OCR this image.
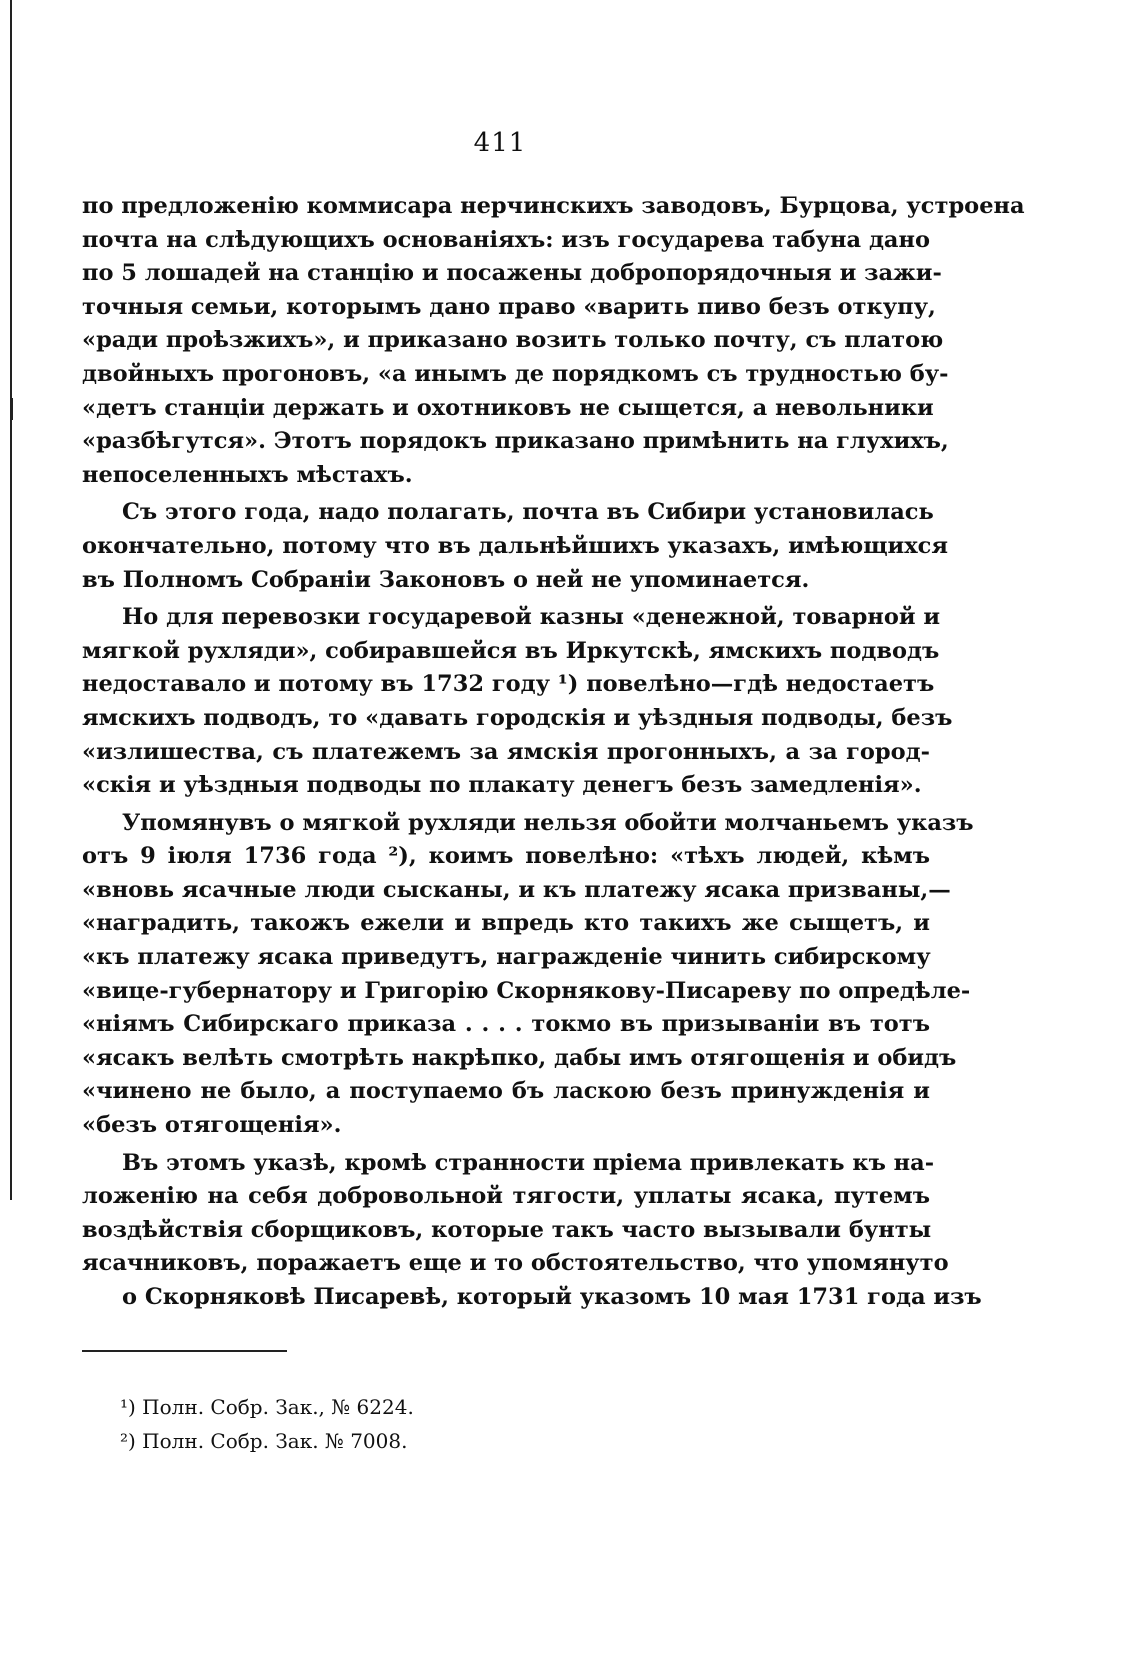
411
по предложенію коммисара нерчинскихъ заводовъ, Бурцова, устроена
почта на слѣдующихъ основаніяхъ: изъ государева табуна дано
по 5 лошадей на станцію и посажены добропорядочныя и зажи-
точныя семьи, которымъ дано право «варить пиво безъ откупу,
«ради проѣзжихъ», и приказано возить только почту, съ платою
двойныхъ прогоновъ, «а инымъ де порядкомъ съ трудностью бу-
«детъ станціи держать и охотниковъ не сыщется, а невольники
«разбѣгутся». Этотъ порядокъ приказано примѣнить на глухихъ,
непоселенныхъ мѣстахъ.
Съ этого года, надо полагать, почта въ Сибири установилась
окончательно, потому что въ дальнѣйшихъ указахъ, имѣющихся
въ Полномъ Собраніи Законовъ о ней не упоминается.
Но для перевозки государевой казны «денежной, товарной и
мягкой рухляди», собиравшейся въ Иркутскѣ, ямскихъ подводъ
недоставало и потому въ 1732 году ¹) повелѣно—гдѣ недостаетъ
ямскихъ подводъ, то «давать городскія и уѣздныя подводы, безъ
«излишества, съ платежемъ за ямскія прогонныхъ, а за город-
«скія и уѣздныя подводы по плакату денегъ безъ замедленія».
Упомянувъ о мягкой рухляди нельзя обойти молчаньемъ указъ
отъ 9 іюля 1736 года ²), коимъ повелѣно: «тѣхъ людей, кѣмъ
«вновь ясачные люди сысканы, и къ платежу ясака призваны,—
«наградить, такожъ ежели и впредь кто такихъ же сыщетъ, и
«къ платежу ясака приведутъ, награжденіе чинить сибирскому
«вице-губернатору и Григорію Скорнякову-Писареву по опредѣле-
«ніямъ Сибирскаго приказа . . . . токмо въ призываніи въ тотъ
«ясакъ велѣть смотрѣть накрѣпко, дабы имъ отягощенія и обидъ
«чинено не было, а поступаемо бъ ласкою безъ принужденія и
«безъ отягощенія».
Въ этомъ указѣ, кромѣ странности пріема привлекать къ на-
ложенію на себя добровольной тягости, уплаты ясака, путемъ
воздѣйствія сборщиковъ, которые такъ часто вызывали бунты
ясачниковъ, поражаетъ еще и то обстоятельство, что упомянуто
о Скорняковѣ Писаревѣ, который указомъ 10 мая 1731 года изъ
¹) Полн. Собр. Зак., № 6224.
²) Полн. Собр. Зак. № 7008.
